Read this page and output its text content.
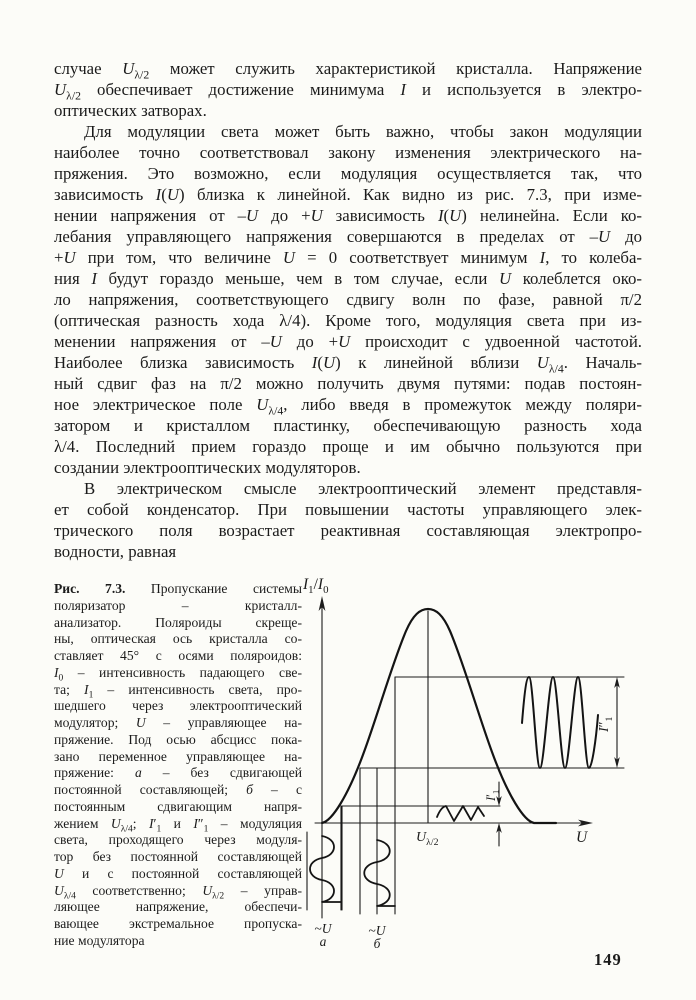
случае $U_{\lambda/2}$ может служить характеристикой кристалла. Напряжение
$U_{\lambda/2}$ обеспечивает достижение минимума I и используется в электро-
оптических затворах.
Для модуляции света может быть важно, чтобы закон модуляции
наиболее точно соответствовал закону изменения электрического на-
пряжения. Это возможно, если модуляция осуществляется так, что
зависимость I(U) близка к линейной. Как видно из рис. 7.3, при изме-
нении напряжения от –U до +U зависимость I(U) нелинейна. Если ко-
лебания управляющего напряжения совершаются в пределах от –U до
+U при том, что величине U = 0 соответствует минимум I, то колеба-
ния I будут гораздо меньше, чем в том случае, если U колеблется око-
ло напряжения, соответствующего сдвигу волн по фазе, равной π/2
(оптическая разность хода λ/4). Кроме того, модуляция света при из-
менении напряжения от –U до +U происходит с удвоенной частотой.
Наиболее близка зависимость I(U) к линейной вблизи $U_{\lambda/4}$. Началь-
ный сдвиг фаз на π/2 можно получить двумя путями: подав постоян-
ное электрическое поле $U_{\lambda/4}$, либо введя в промежуток между поляри-
затором и кристаллом пластинку, обеспечивающую разность хода
λ/4. Последний прием гораздо проще и им обычно пользуются при
создании электрооптических модуляторов.
В электрическом смысле электрооптический элемент представля-
ет собой конденсатор. При повышении частоты управляющего элек-
трического поля возрастает реактивная составляющая электропро-
водности, равная
Рис. 7.3. Пропускание системы
поляризатор – кристалл-
анализатор. Поляроиды скреще-
ны, оптическая ось кристалла со-
ставляет 45° с осями поляроидов:
$I_0$ – интенсивность падающего све-
та; $I_1$ – интенсивность света, про-
шедшего через электрооптический
модулятор; U – управляющее на-
пряжение. Под осью абсцисс пока-
зано переменное управляющее на-
пряжение: а – без сдвигающей
постоянной составляющей; б – с
постоянным сдвигающим напря-
жением $U_{\lambda/4}$; $I'_1$ и $I''_1$ – модуляция
света, проходящего через модуля-
тор без постоянной составляющей
U и с постоянной составляющей
$U_{\lambda/4}$ соответственно; $U_{\lambda/2}$ – управ-
ляющее напряжение, обеспечи-
вающее экстремальное пропуска-
ние модулятора
$I_1/I_0$
U
$U_{\lambda/2}$
$I''_1$
$I'_1$
~U
а
~U
б
149
